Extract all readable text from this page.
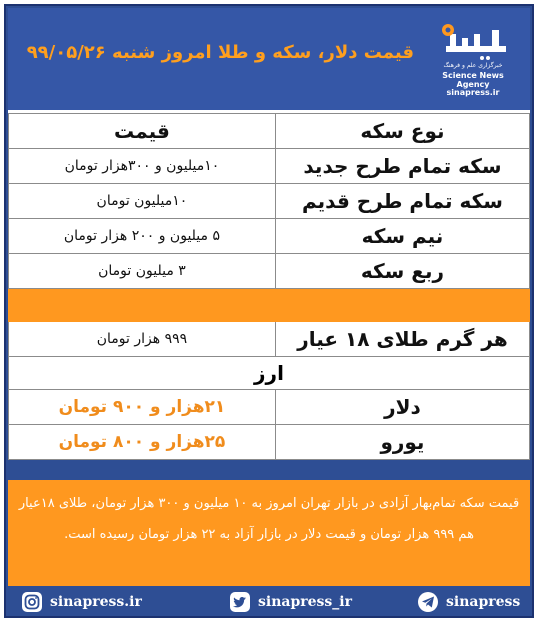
قیمت دلار، سکه و طلا امروز شنبه ۹۹/۰۵/۲۶
خبرگزاری علم و فرهنگ
Science News Agency
sinapress.ir
قیمت	نوع سکه
۱۰میلیون و ۳۰۰هزار تومان	سکه تمام طرح جدید
۱۰میلیون تومان	سکه تمام طرح قدیم
۵ میلیون و ۲۰۰ هزار تومان	نیم سکه
۳ میلیون تومان	ربع سکه

۹۹۹ هزار تومان	هر گرم طلای ۱۸ عیار
ارز	
۲۱هزار و ۹۰۰ تومان	دلار
۲۵هزار و ۸۰۰ تومان	یورو

قیمت سکه تمام‌بهار آزادی در بازار تهران امروز به ۱۰ میلیون و ۳۰۰ هزار تومان، طلای ۱۸عیار هم ۹۹۹ هزار تومان و قیمت دلار در بازار آزاد به ۲۲ هزار تومان رسیده است.

sinapress.ir	sinapress_ir	sinapress
